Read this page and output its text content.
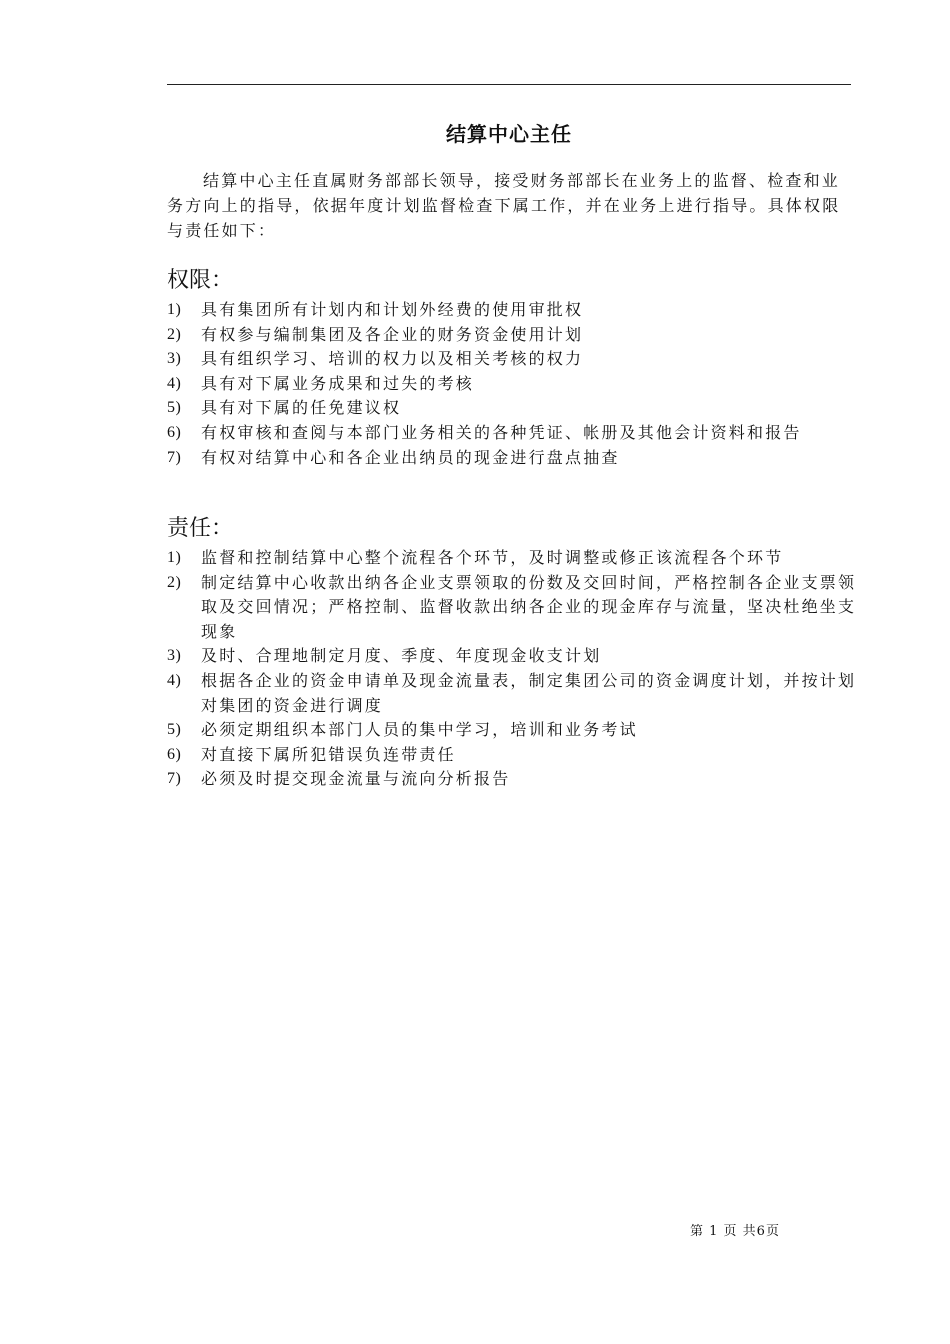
结算中心主任

结算中心主任直属财务部部长领导，接受财务部部长在业务上的监督、检查和业务方向上的指导，依据年度计划监督检查下属工作，并在业务上进行指导。具体权限与责任如下：

权限：
1)	具有集团所有计划内和计划外经费的使用审批权
2)	有权参与编制集团及各企业的财务资金使用计划
3)	具有组织学习、培训的权力以及相关考核的权力
4)	具有对下属业务成果和过失的考核
5)	具有对下属的任免建议权
6)	有权审核和查阅与本部门业务相关的各种凭证、帐册及其他会计资料和报告
7)	有权对结算中心和各企业出纳员的现金进行盘点抽查
责任：
1)	监督和控制结算中心整个流程各个环节，及时调整或修正该流程各个环节
2)	制定结算中心收款出纳各企业支票领取的份数及交回时间，严格控制各企业支票领取及交回情况；严格控制、监督收款出纳各企业的现金库存与流量，坚决杜绝坐支现象
3)	及时、合理地制定月度、季度、年度现金收支计划
4)	根据各企业的资金申请单及现金流量表，制定集团公司的资金调度计划，并按计划对集团的资金进行调度
5)	必须定期组织本部门人员的集中学习，培训和业务考试
6)	对直接下属所犯错误负连带责任
7)	必须及时提交现金流量与流向分析报告
第 1 页 共6页
